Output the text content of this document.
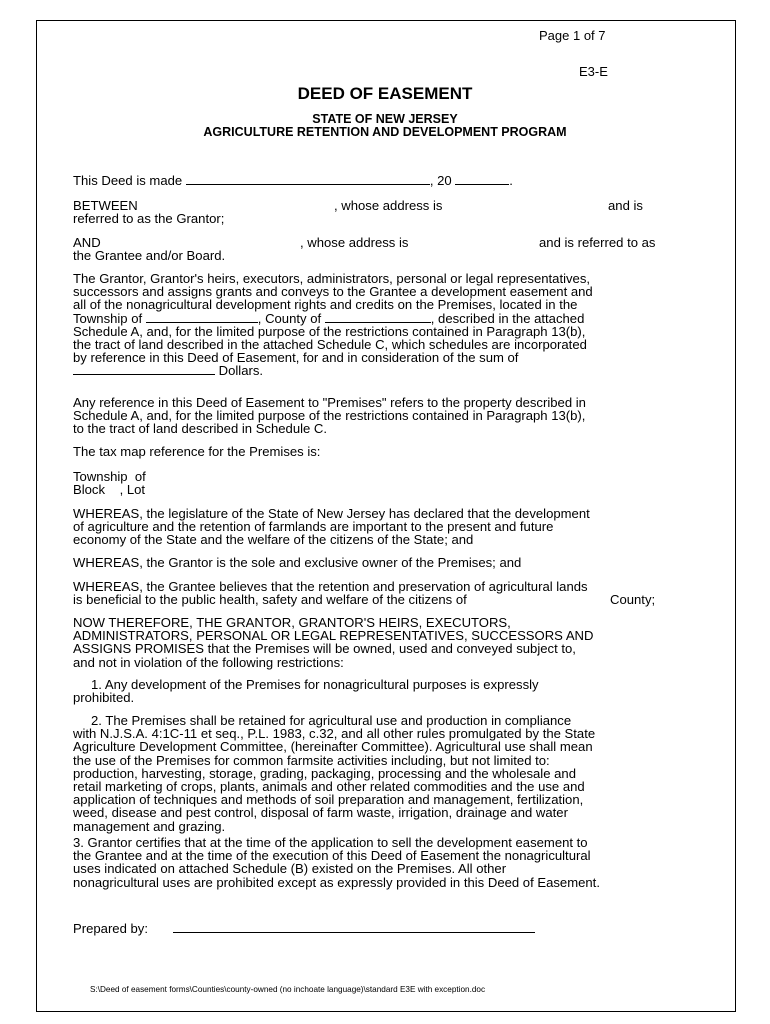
Page 1 of 7
E3-E
DEED OF EASEMENT
STATE OF NEW JERSEY
AGRICULTURE RETENTION AND DEVELOPMENT PROGRAM
This Deed is made	, 20	.
BETWEEN	, whose address is	and is
referred to as the Grantor;
AND	, whose address is	and is referred to as
the Grantee and/or Board.
The Grantor, Grantor's heirs, executors, administrators, personal or legal representatives,
successors and assigns grants and conveys to the Grantee a development easement and
all of the nonagricultural development rights and credits on the Premises, located in the
Township of	, County of	, described in the attached
Schedule A, and, for the limited purpose of the restrictions contained in Paragraph 13(b),
the tract of land described in the attached Schedule C, which schedules are incorporated
by reference in this Deed of Easement, for and in consideration of the sum of
Dollars.
Any reference in this Deed of Easement to "Premises" refers to the property described in
Schedule A, and, for the limited purpose of the restrictions contained in Paragraph 13(b),
to the tract of land described in Schedule C.
The tax map reference for the Premises is:
Township  of
Block    , Lot
WHEREAS, the legislature of the State of New Jersey has declared that the development
of agriculture and the retention of farmlands are important to the present and future
economy of the State and the welfare of the citizens of the State; and
WHEREAS, the Grantor is the sole and exclusive owner of the Premises; and
WHEREAS, the Grantee believes that the retention and preservation of agricultural lands
is beneficial to the public health, safety and welfare of the citizens of	County;
NOW THEREFORE, THE GRANTOR, GRANTOR'S HEIRS, EXECUTORS,
ADMINISTRATORS, PERSONAL OR LEGAL REPRESENTATIVES, SUCCESSORS AND
ASSIGNS PROMISES that the Premises will be owned, used and conveyed subject to,
and not in violation of the following restrictions:
1. Any development of the Premises for nonagricultural purposes is expressly
prohibited.
2. The Premises shall be retained for agricultural use and production in compliance
with N.J.S.A. 4:1C-11 et seq., P.L. 1983, c.32, and all other rules promulgated by the State
Agriculture Development Committee, (hereinafter Committee). Agricultural use shall mean
the use of the Premises for common farmsite activities including, but not limited to:
production, harvesting, storage, grading, packaging, processing and the wholesale and
retail marketing of crops, plants, animals and other related commodities and the use and
application of techniques and methods of soil preparation and management, fertilization,
weed, disease and pest control, disposal of farm waste, irrigation, drainage and water
management and grazing.
3. Grantor certifies that at the time of the application to sell the development easement to
the Grantee and at the time of the execution of this Deed of Easement the nonagricultural
uses indicated on attached Schedule (B) existed on the Premises. All other
nonagricultural uses are prohibited except as expressly provided in this Deed of Easement.
Prepared by:
S:\Deed of easement forms\Counties\county-owned (no inchoate language)\standard E3E with exception.doc
